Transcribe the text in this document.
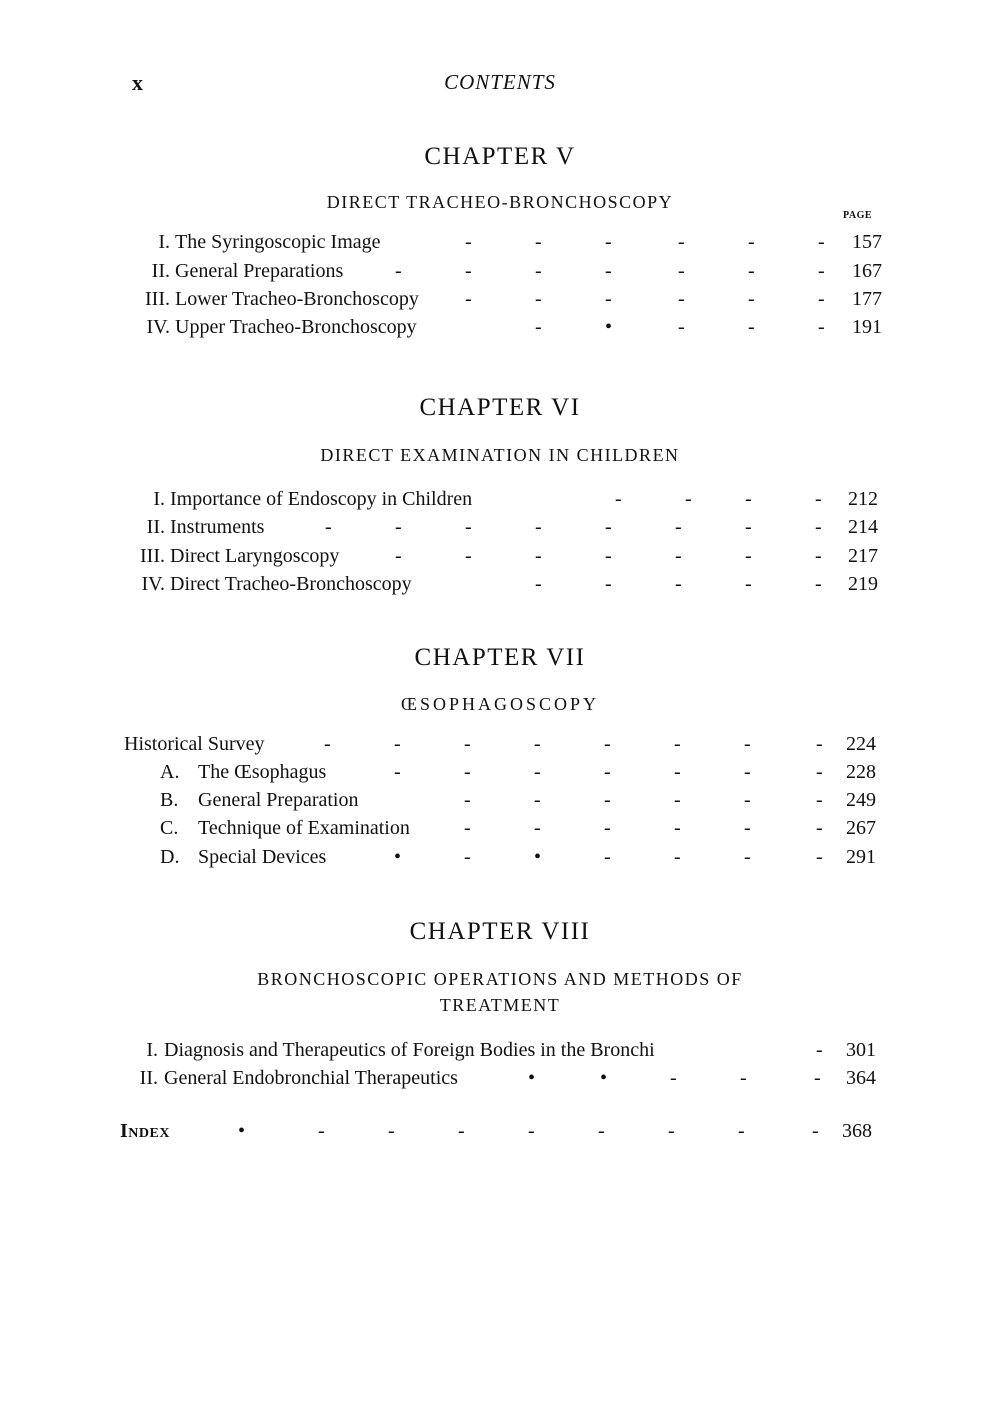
x	CONTENTS
CHAPTER V
DIRECT TRACHEO-BRONCHOSCOPY
PAGE
I. The Syringoscopic Image	-	-	-	-	-	- 157
II. General Preparations	-	-	-	-	-	-	- 167
III. Lower Tracheo-Bronchoscopy -	-	-	-	-	- 177
IV. Upper Tracheo-Bronchoscopy	-	•	-	-	- 191
CHAPTER VI
DIRECT EXAMINATION IN CHILDREN
I. Importance of Endoscopy in Children	-	-	-	- 212
II. Instruments	-	-	-	-	-	-	-	- 214
III. Direct Laryngoscopy	-	-	-	-	-	-	- 217
IV. Direct Tracheo-Bronchoscopy	-	-	-	-	- 219
CHAPTER VII
ŒSOPHAGOSCOPY
Historical Survey	-	-	-	-	-	-	-	- 224
A. The Œsophagus	-	-	-	-	-	-	- 228
B. General Preparation	-	-	-	-	-	- 249
C. Technique of Examination	-	-	-	-	-	- 267
D. Special Devices	•	-	•	-	-	-	- 291
CHAPTER VIII
BRONCHOSCOPIC OPERATIONS AND METHODS OF
TREATMENT
I. Diagnosis and Therapeutics of Foreign Bodies in the Bronchi	- 301
II. General Endobronchial Therapeutics	•	•	-	-	- 364
Index	•	-	-	-	-	-	-	-	- 368
